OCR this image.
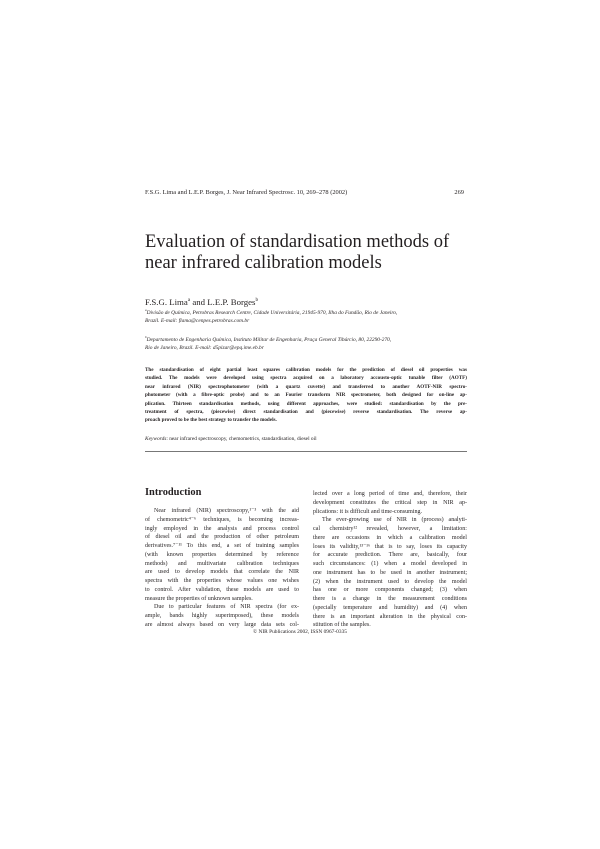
F.S.G. Lima and L.E.P. Borges, J. Near Infrared Spectrosc. 10, 269–278 (2002)	269
Evaluation of standardisation methods of
near infrared calibration models
F.S.G. Lima$^a$ and L.E.P. Borges$^b$
$^a$Divisão de Química, Petrobras Research Centre, Cidade Universitária, 21945-970, Ilha do Fundão, Rio de Janeiro,
Brazil. E-mail: flama@cenpes.petrobras.com.br
$^b$Departamento de Engenharia Química, Instituto Militar de Engenharia, Praça General Tibúrcio, 80, 22290-270,
Rio de Janeiro, Brazil. E-mail: d5pizar@epq.ime.eb.br
The standardisation of eight partial least squares calibration models for the prediction of diesel oil properties was
studied. The models were developed using spectra acquired on a laboratory accousto-optic tunable filter (AOTF)
near infrared (NIR) spectrophotometer (with a quartz cuvette) and transferred to another AOTF-NIR spectro-
photometer (with a fibre-optic probe) and to an Fourier transform NIR spectrometer, both designed for on-line ap-
plication. Thirteen standardisation methods, using different approaches, were studied: standardisation by the pre-
treatment of spectra, (piecewise) direct standardisation and (piecewise) reverse standardisation. The reverse ap-
proach proved to be the best strategy to transfer the models.
Keywords: near infrared spectroscopy, chemometrics, standardisation, diesel oil
Introduction
Near infrared (NIR) spectroscopy,¹⁻³ with the aid
of chemometric⁴⁻⁶ techniques, is becoming increas-
ingly employed in the analysis and process control
of diesel oil and the production of other petroleum
derivatives.⁷⁻¹¹ To this end, a set of training samples
(with known properties determined by reference
methods) and multivariate calibration techniques
are used to develop models that correlate the NIR
spectra with the properties whose values one wishes
to control. After validation, these models are used to
measure the properties of unknown samples.
Due to particular features of NIR spectra (for ex-
ample, bands highly superimposed), these models
are almost always based on very large data sets col-
lected over a long period of time and, therefore, their
development constitutes the critical step in NIR ap-
plications: it is difficult and time-consuming.
The ever-growing use of NIR in (process) analyti-
cal chemistry¹² revealed, however, a limitation:
there are occasions in which a calibration model
loses its validity,¹³⁻¹⁶ that is to say, loses its capacity
for accurate prediction. There are, basically, four
such circumstances: (1) when a model developed in
one instrument has to be used in another instrument;
(2) when the instrument used to develop the model
has one or more components changed; (3) when
there is a change in the measurement conditions
(specially temperature and humidity) and (4) when
there is an important alteration in the physical con-
stitution of the samples.
© NIR Publications 2002, ISSN 0967-0335
